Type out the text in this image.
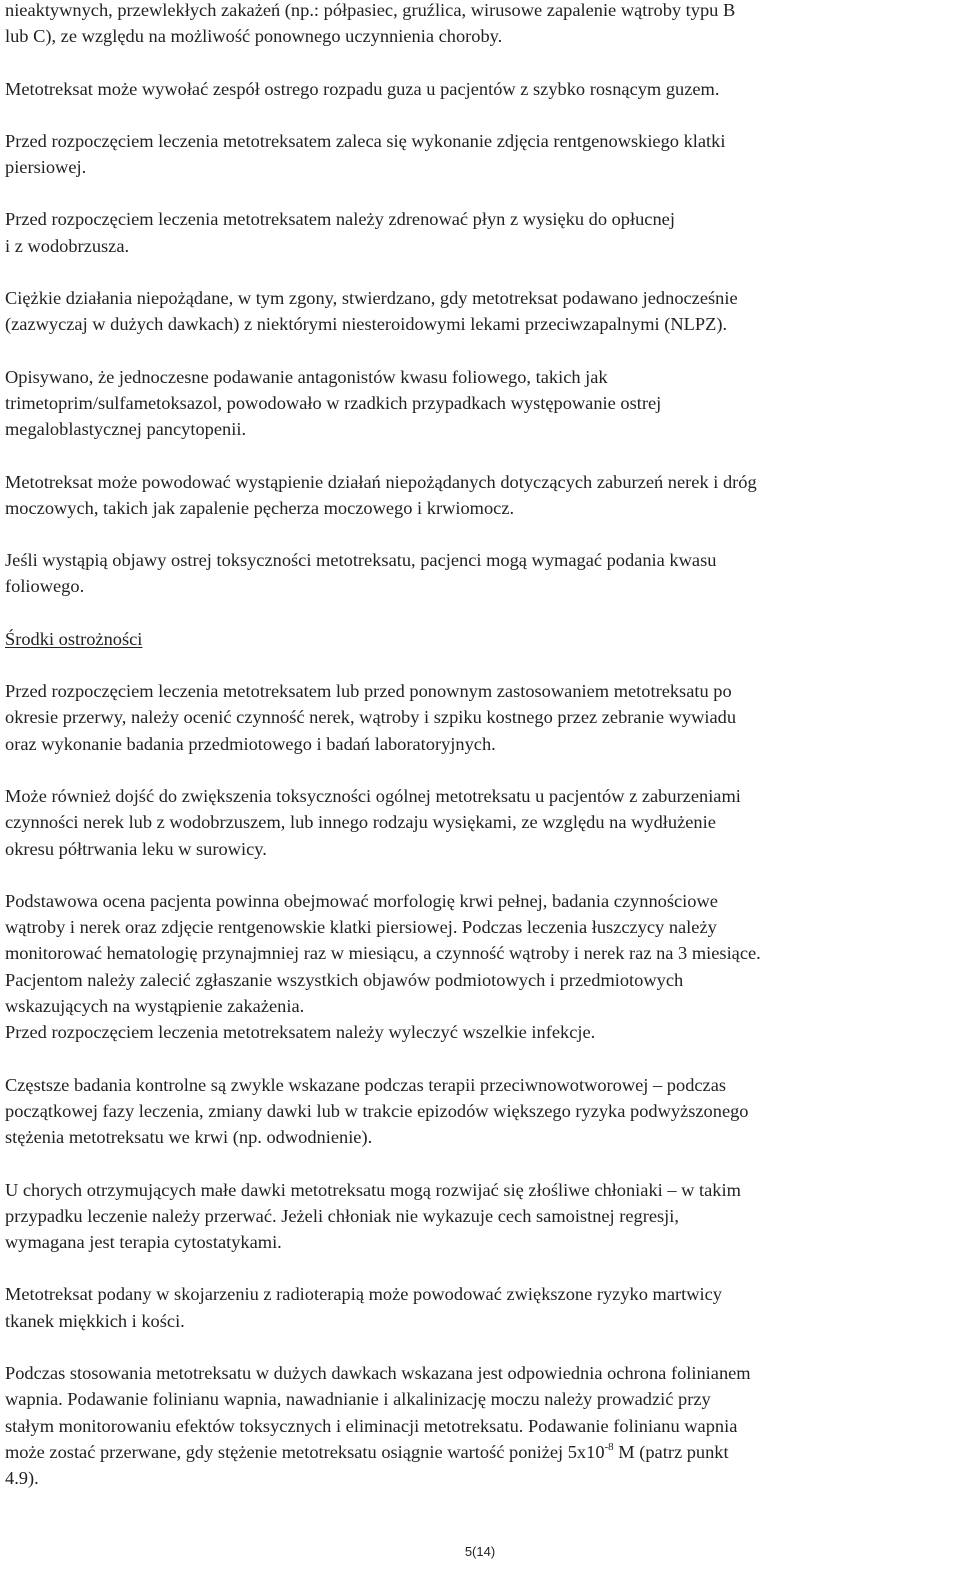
nieaktywnych, przewlekłych zakażeń (np.: półpasiec, gruźlica, wirusowe zapalenie wątroby typu B

lub C), ze względu na możliwość ponownego uczynnienia choroby.

Metotreksat może wywołać zespół ostrego rozpadu guza u pacjentów z szybko rosnącym guzem.

Przed rozpoczęciem leczenia metotreksatem zaleca się wykonanie zdjęcia rentgenowskiego klatki

piersiowej.

Przed rozpoczęciem leczenia metotreksatem należy zdrenować płyn z wysięku do opłucnej

i z wodobrzusza.

Ciężkie działania niepożądane, w tym zgony, stwierdzano, gdy metotreksat podawano jednocześnie

(zazwyczaj w dużych dawkach) z niektórymi niesteroidowymi lekami przeciwzapalnymi (NLPZ).

Opisywano, że jednoczesne podawanie antagonistów kwasu foliowego, takich jak

trimetoprim/sulfametoksazol, powodowało w rzadkich przypadkach występowanie ostrej

megaloblastycznej pancytopenii.

Metotreksat może powodować wystąpienie działań niepożądanych dotyczących zaburzeń nerek i dróg

moczowych, takich jak zapalenie pęcherza moczowego i krwiomocz.

Jeśli wystąpią objawy ostrej toksyczności metotreksatu, pacjenci mogą wymagać podania kwasu

foliowego.

Środki ostrożności

Przed rozpoczęciem leczenia metotreksatem lub przed ponownym zastosowaniem metotreksatu po

okresie przerwy, należy ocenić czynność nerek, wątroby i szpiku kostnego przez zebranie wywiadu

oraz wykonanie badania przedmiotowego i badań laboratoryjnych.

Może również dojść do zwiększenia toksyczności ogólnej metotreksatu u pacjentów z zaburzeniami

czynności nerek lub z wodobrzuszem, lub innego rodzaju wysiękami, ze względu na wydłużenie

okresu półtrwania leku w surowicy.

Podstawowa ocena pacjenta powinna obejmować morfologię krwi pełnej, badania czynnościowe

wątroby i nerek oraz zdjęcie rentgenowskie klatki piersiowej. Podczas leczenia łuszczycy należy

monitorować hematologię przynajmniej raz w miesiącu, a czynność wątroby i nerek raz na 3 miesiące.

Pacjentom należy zalecić zgłaszanie wszystkich objawów podmiotowych i przedmiotowych

wskazujących na wystąpienie zakażenia.

Przed rozpoczęciem leczenia metotreksatem należy wyleczyć wszelkie infekcje.

Częstsze badania kontrolne są zwykle wskazane podczas terapii przeciwnowotworowej – podczas

początkowej fazy leczenia, zmiany dawki lub w trakcie epizodów większego ryzyka podwyższonego

stężenia metotreksatu we krwi (np. odwodnienie).

U chorych otrzymujących małe dawki metotreksatu mogą rozwijać się złośliwe chłoniaki – w takim

przypadku leczenie należy przerwać. Jeżeli chłoniak nie wykazuje cech samoistnej regresji,

wymagana jest terapia cytostatykami.

Metotreksat podany w skojarzeniu z radioterapią może powodować zwiększone ryzyko martwicy

tkanek miękkich i kości.

Podczas stosowania metotreksatu w dużych dawkach wskazana jest odpowiednia ochrona folinianem

wapnia. Podawanie folinianu wapnia, nawadnianie i alkalinizację moczu należy prowadzić przy

stałym monitorowaniu efektów toksycznych i eliminacji metotreksatu. Podawanie folinianu wapnia

może zostać przerwane, gdy stężenie metotreksatu osiągnie wartość poniżej $5x10^{-8}$ M (patrz punkt

4.9).

5(14)
